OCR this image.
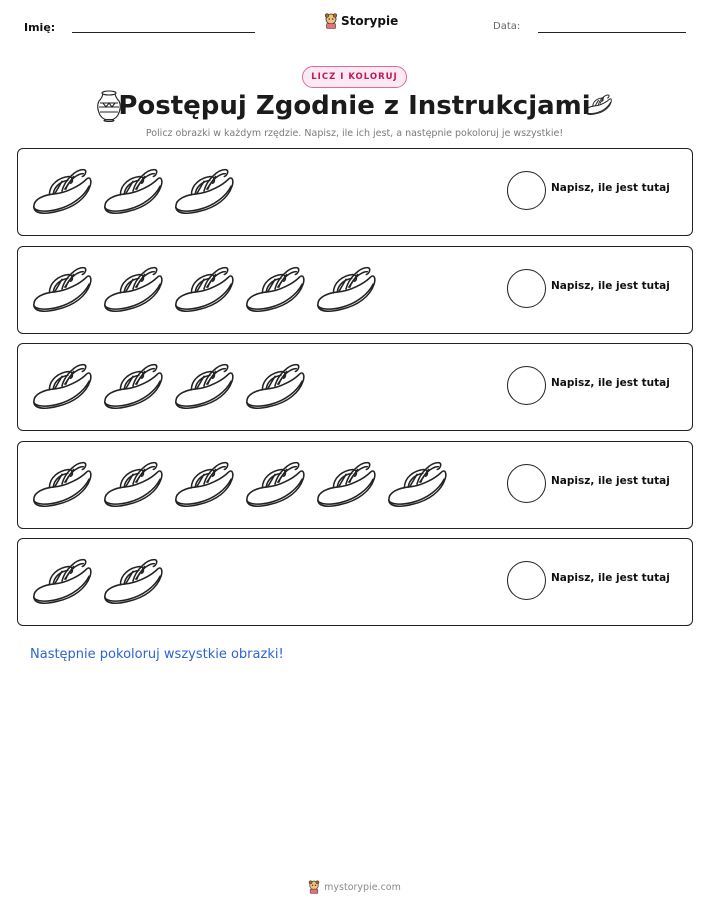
Imię:	Storypie	Data:
LICZ I KOLORUJ
Postępuj Zgodnie z Instrukcjami

Policz obrazki w każdym rzędzie. Napisz, ile ich jest, a następnie pokoloruj je wszystkie!

Napisz, ile jest tutaj
Napisz, ile jest tutaj
Napisz, ile jest tutaj
Napisz, ile jest tutaj
Napisz, ile jest tutaj

Następnie pokoloruj wszystkie obrazki!

mystorypie.com
